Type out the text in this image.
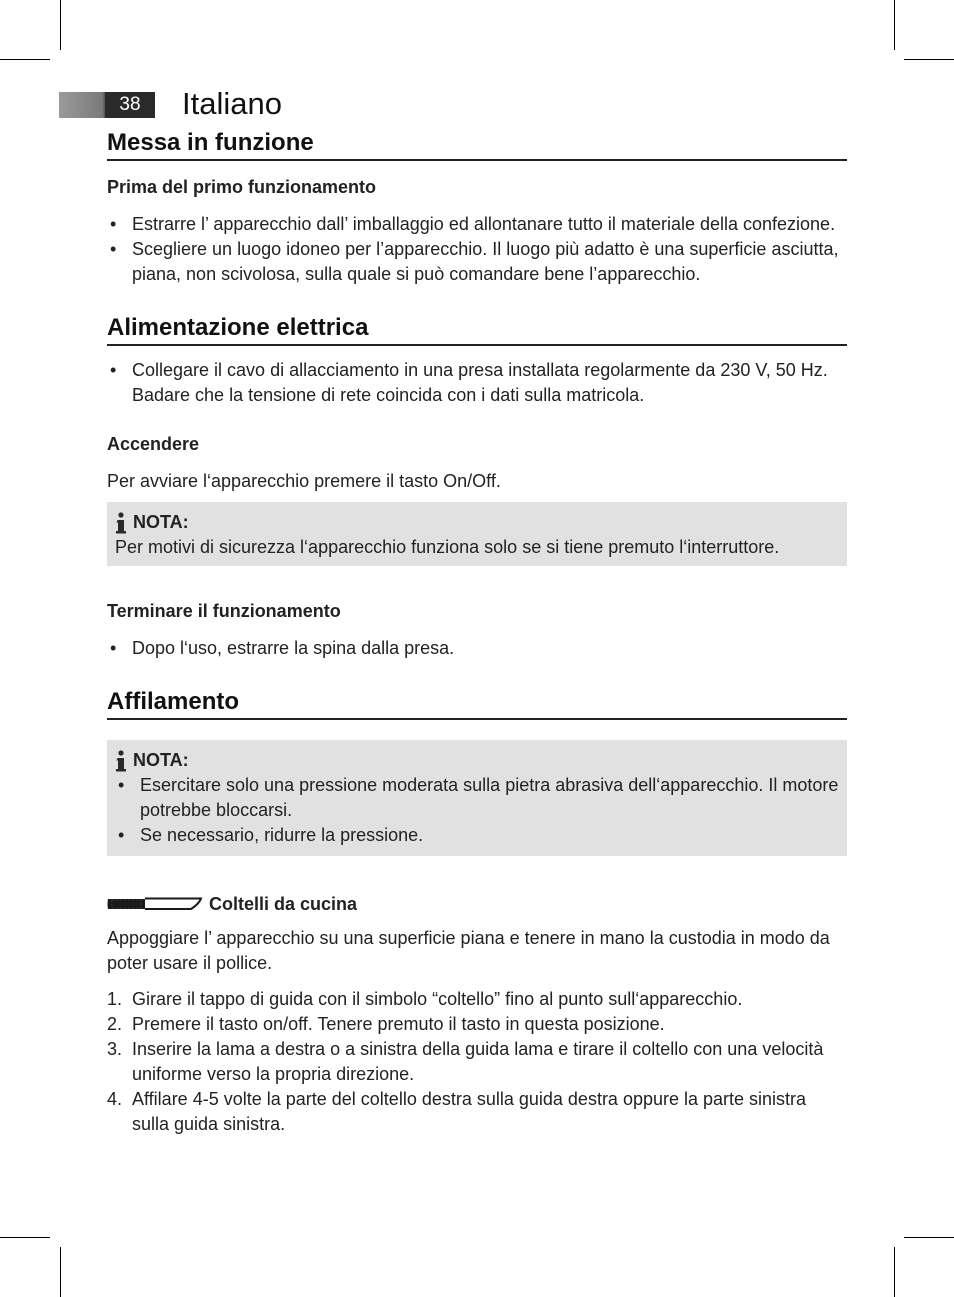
38	Italiano
Messa in funzione
Prima del primo funzionamento
• Estrarre l’ apparecchio dall’ imballaggio ed allontanare tutto il materiale della confezione.
• Scegliere un luogo idoneo per l’apparecchio. Il luogo più adatto è una superficie asciutta, piana, non scivolosa, sulla quale si può comandare bene l’apparecchio.
Alimentazione elettrica
• Collegare il cavo di allacciamento in una presa installata regolarmente da 230 V, 50 Hz. Badare che la tensione di rete coincida con i dati sulla matricola.
Accendere

Per avviare l‘apparecchio premere il tasto On/Off.

NOTA:

Per motivi di sicurezza l‘apparecchio funziona solo se si tiene premuto l‘interruttore.

Terminare il funzionamento
• Dopo l‘uso, estrarre la spina dalla presa.
Affilamento
NOTA:
• Esercitare solo una pressione moderata sulla pietra abrasiva dell‘apparecchio. Il motore potrebbe bloccarsi.
• Se necessario, ridurre la pressione.
Coltelli da cucina

Appoggiare l’ apparecchio su una superficie piana e tenere in mano la custodia in modo da poter usare il pollice.

1. Girare il tappo di guida con il simbolo “coltello” fino al punto sull‘apparecchio.
2. Premere il tasto on/off. Tenere premuto il tasto in questa posizione.
3. Inserire la lama a destra o a sinistra della guida lama e tirare il coltello con una velocità uniforme verso la propria direzione.
4. Affilare 4-5 volte la parte del coltello destra sulla guida destra oppure la parte sinistra sulla guida sinistra.
